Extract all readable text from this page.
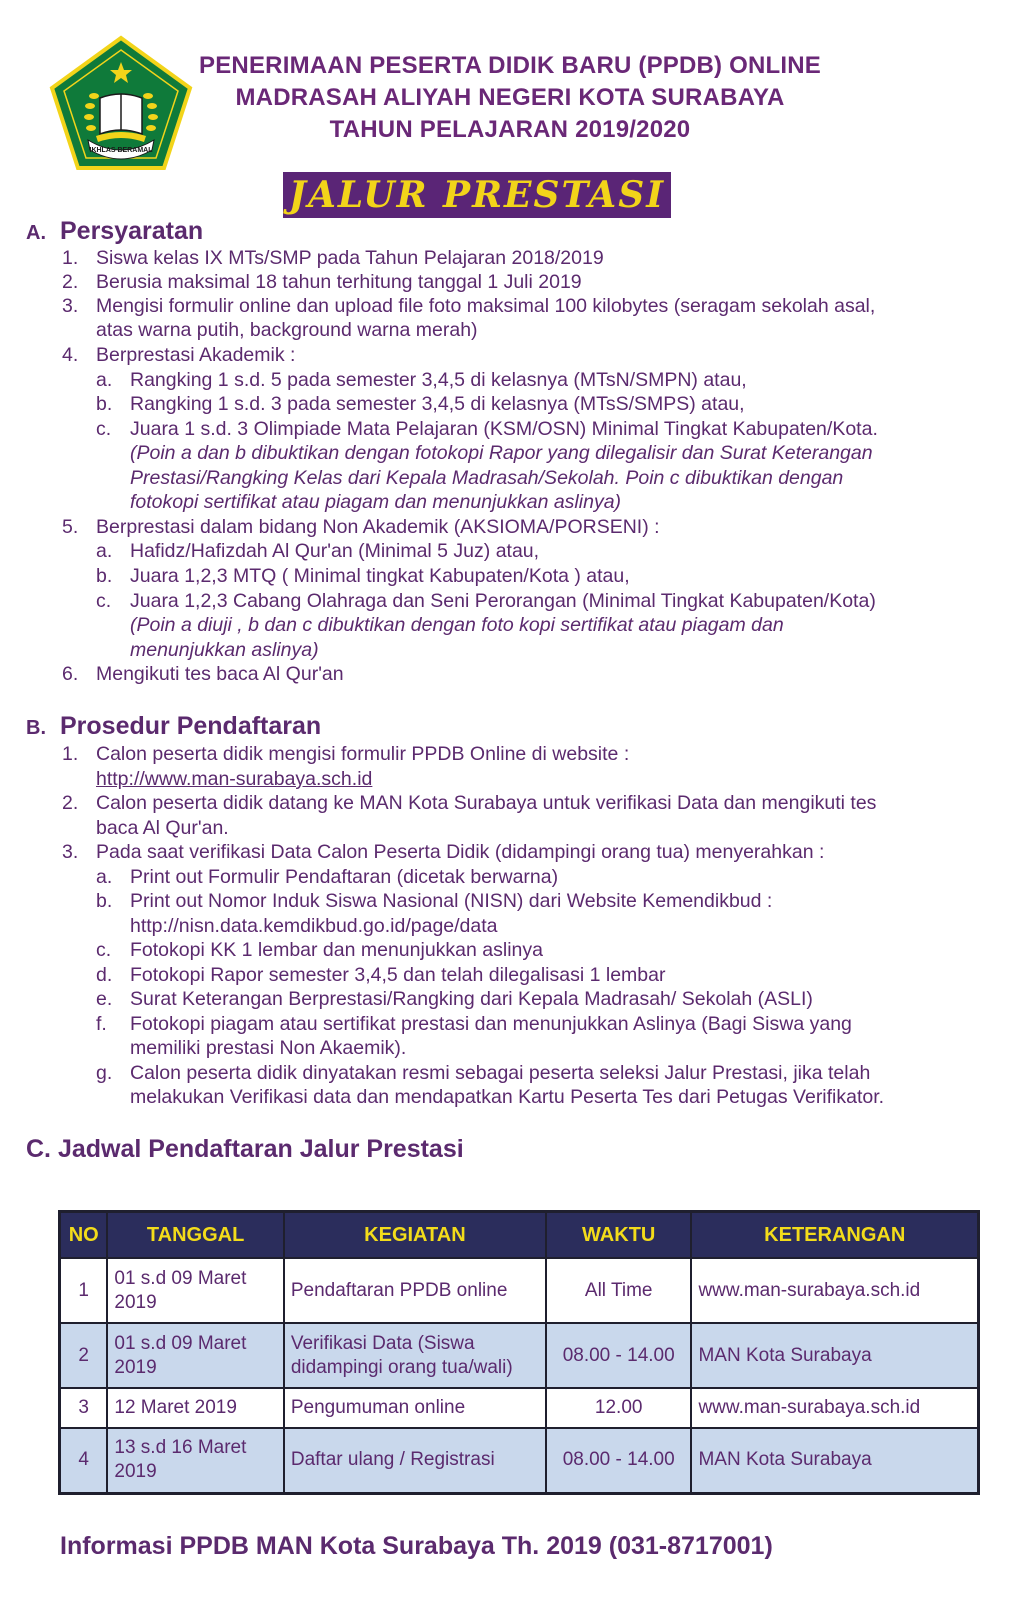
IKHLAS BERAMAL
PENERIMAAN PESERTA DIDIK BARU (PPDB) ONLINE
MADRASAH ALIYAH NEGERI KOTA SURABAYA
TAHUN PELAJARAN 2019/2020
JALUR PRESTASI
A. Persyaratan
1. Siswa kelas IX MTs/SMP pada Tahun Pelajaran 2018/2019
2. Berusia maksimal 18 tahun terhitung tanggal 1 Juli 2019
3. Mengisi formulir online dan upload file foto maksimal 100 kilobytes (seragam sekolah asal,
atas warna putih, background warna merah)
4. Berprestasi Akademik :
a. Rangking 1 s.d. 5 pada semester 3,4,5 di kelasnya (MTsN/SMPN) atau,
b. Rangking 1 s.d. 3 pada semester 3,4,5 di kelasnya (MTsS/SMPS) atau,
c. Juara 1 s.d. 3 Olimpiade Mata Pelajaran (KSM/OSN) Minimal Tingkat Kabupaten/Kota.
(Poin a dan b dibuktikan dengan fotokopi Rapor yang dilegalisir dan Surat Keterangan
Prestasi/Rangking Kelas dari Kepala Madrasah/Sekolah. Poin c dibuktikan dengan
fotokopi sertifikat atau piagam dan menunjukkan aslinya)
5. Berprestasi dalam bidang Non Akademik (AKSIOMA/PORSENI) :
a. Hafidz/Hafizdah Al Qur'an (Minimal 5 Juz) atau,
b. Juara 1,2,3 MTQ ( Minimal tingkat Kabupaten/Kota ) atau,
c. Juara 1,2,3 Cabang Olahraga dan Seni Perorangan (Minimal Tingkat Kabupaten/Kota)
(Poin a diuji , b dan c dibuktikan dengan foto kopi sertifikat atau piagam dan
menunjukkan aslinya)
6. Mengikuti tes baca Al Qur'an
B. Prosedur Pendaftaran
1. Calon peserta didik mengisi formulir PPDB Online di website :
http://www.man-surabaya.sch.id
2. Calon peserta didik datang ke MAN Kota Surabaya untuk verifikasi Data dan mengikuti tes
baca Al Qur'an.
3. Pada saat verifikasi Data Calon Peserta Didik (didampingi orang tua) menyerahkan :
a. Print out Formulir Pendaftaran (dicetak berwarna)
b. Print out Nomor Induk Siswa Nasional (NISN) dari Website Kemendikbud :
http://nisn.data.kemdikbud.go.id/page/data
c. Fotokopi KK 1 lembar dan menunjukkan aslinya
d. Fotokopi Rapor semester 3,4,5 dan telah dilegalisasi 1 lembar
e. Surat Keterangan Berprestasi/Rangking dari Kepala Madrasah/ Sekolah (ASLI)
f. Fotokopi piagam atau sertifikat prestasi dan menunjukkan Aslinya (Bagi Siswa yang
memiliki prestasi Non Akaemik).
g. Calon peserta didik dinyatakan resmi sebagai peserta seleksi Jalur Prestasi, jika telah
melakukan Verifikasi data dan mendapatkan Kartu Peserta Tes dari Petugas Verifikator.
C. Jadwal Pendaftaran Jalur Prestasi
NO	TANGGAL	KEGIATAN	WAKTU	KETERANGAN
1	01 s.d 09 Maret 2019	Pendaftaran PPDB online	All Time	www.man-surabaya.sch.id
2	01 s.d 09 Maret 2019	Verifikasi Data (Siswa didampingi orang tua/wali)	08.00 - 14.00	MAN Kota Surabaya
3	12 Maret 2019	Pengumuman online	12.00	www.man-surabaya.sch.id
4	13 s.d 16 Maret 2019	Daftar ulang / Registrasi	08.00 - 14.00	MAN Kota Surabaya
Informasi PPDB MAN Kota Surabaya Th. 2019 (031-8717001)
